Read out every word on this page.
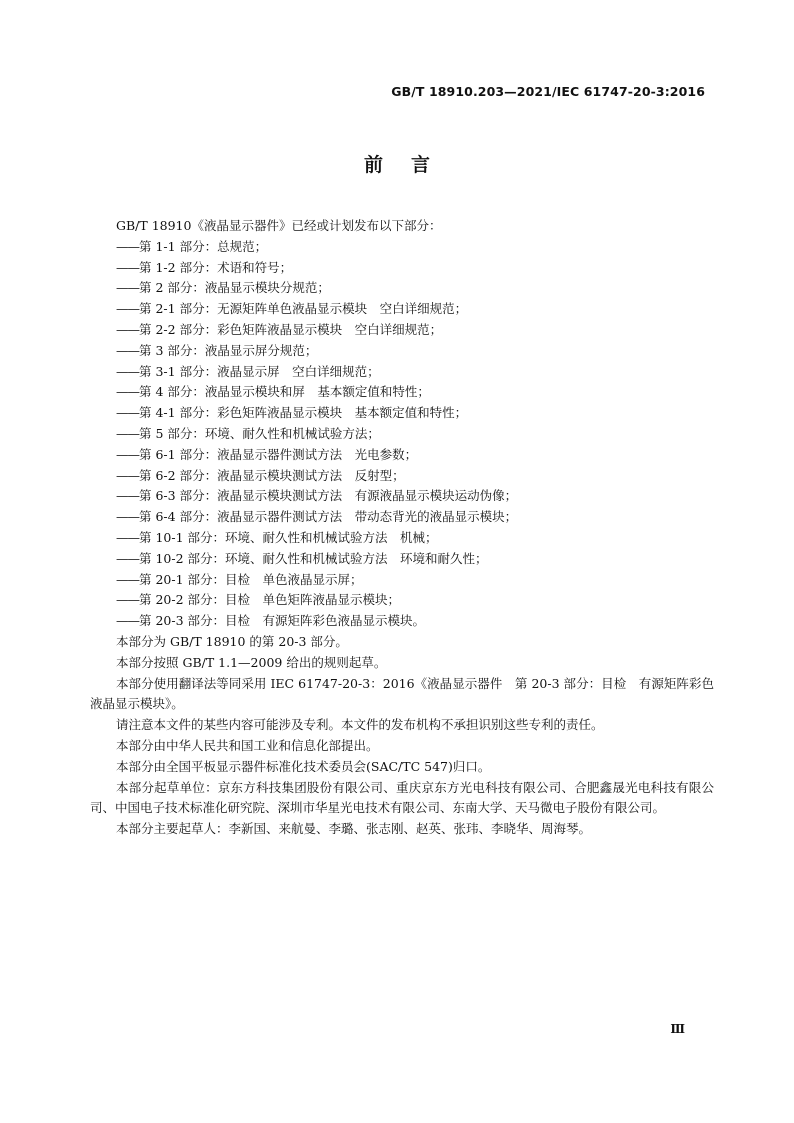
GB/T 18910.203—2021/IEC 61747-20-3:2016

前言

GB/T 18910《液晶显示器件》已经或计划发布以下部分：

——第 1-1 部分：总规范；
——第 1-2 部分：术语和符号；
——第 2 部分：液晶显示模块分规范；
——第 2-1 部分：无源矩阵单色液晶显示模块　空白详细规范；
——第 2-2 部分：彩色矩阵液晶显示模块　空白详细规范；
——第 3 部分：液晶显示屏分规范；
——第 3-1 部分：液晶显示屏　空白详细规范；
——第 4 部分：液晶显示模块和屏　基本额定值和特性；
——第 4-1 部分：彩色矩阵液晶显示模块　基本额定值和特性；
——第 5 部分：环境、耐久性和机械试验方法；
——第 6-1 部分：液晶显示器件测试方法　光电参数；
——第 6-2 部分：液晶显示模块测试方法　反射型；
——第 6-3 部分：液晶显示模块测试方法　有源液晶显示模块运动伪像；
——第 6-4 部分：液晶显示器件测试方法　带动态背光的液晶显示模块；
——第 10-1 部分：环境、耐久性和机械试验方法　机械；
——第 10-2 部分：环境、耐久性和机械试验方法　环境和耐久性；
——第 20-1 部分：目检　单色液晶显示屏；
——第 20-2 部分：目检　单色矩阵液晶显示模块；
——第 20-3 部分：目检　有源矩阵彩色液晶显示模块。

本部分为 GB/T 18910 的第 20-3 部分。

本部分按照 GB/T 1.1—2009 给出的规则起草。

本部分使用翻译法等同采用 IEC 61747-20-3：2016《液晶显示器件　第 20-3 部分：目检　有源矩阵彩色液晶显示模块》。

请注意本文件的某些内容可能涉及专利。本文件的发布机构不承担识别这些专利的责任。

本部分由中华人民共和国工业和信息化部提出。

本部分由全国平板显示器件标准化技术委员会(SAC/TC 547)归口。

本部分起草单位：京东方科技集团股份有限公司、重庆京东方光电科技有限公司、合肥鑫晟光电科技有限公司、中国电子技术标准化研究院、深圳市华星光电技术有限公司、东南大学、天马微电子股份有限公司。

本部分主要起草人：李新国、来航曼、李璐、张志刚、赵英、张玮、李晓华、周海琴。

Ⅲ
